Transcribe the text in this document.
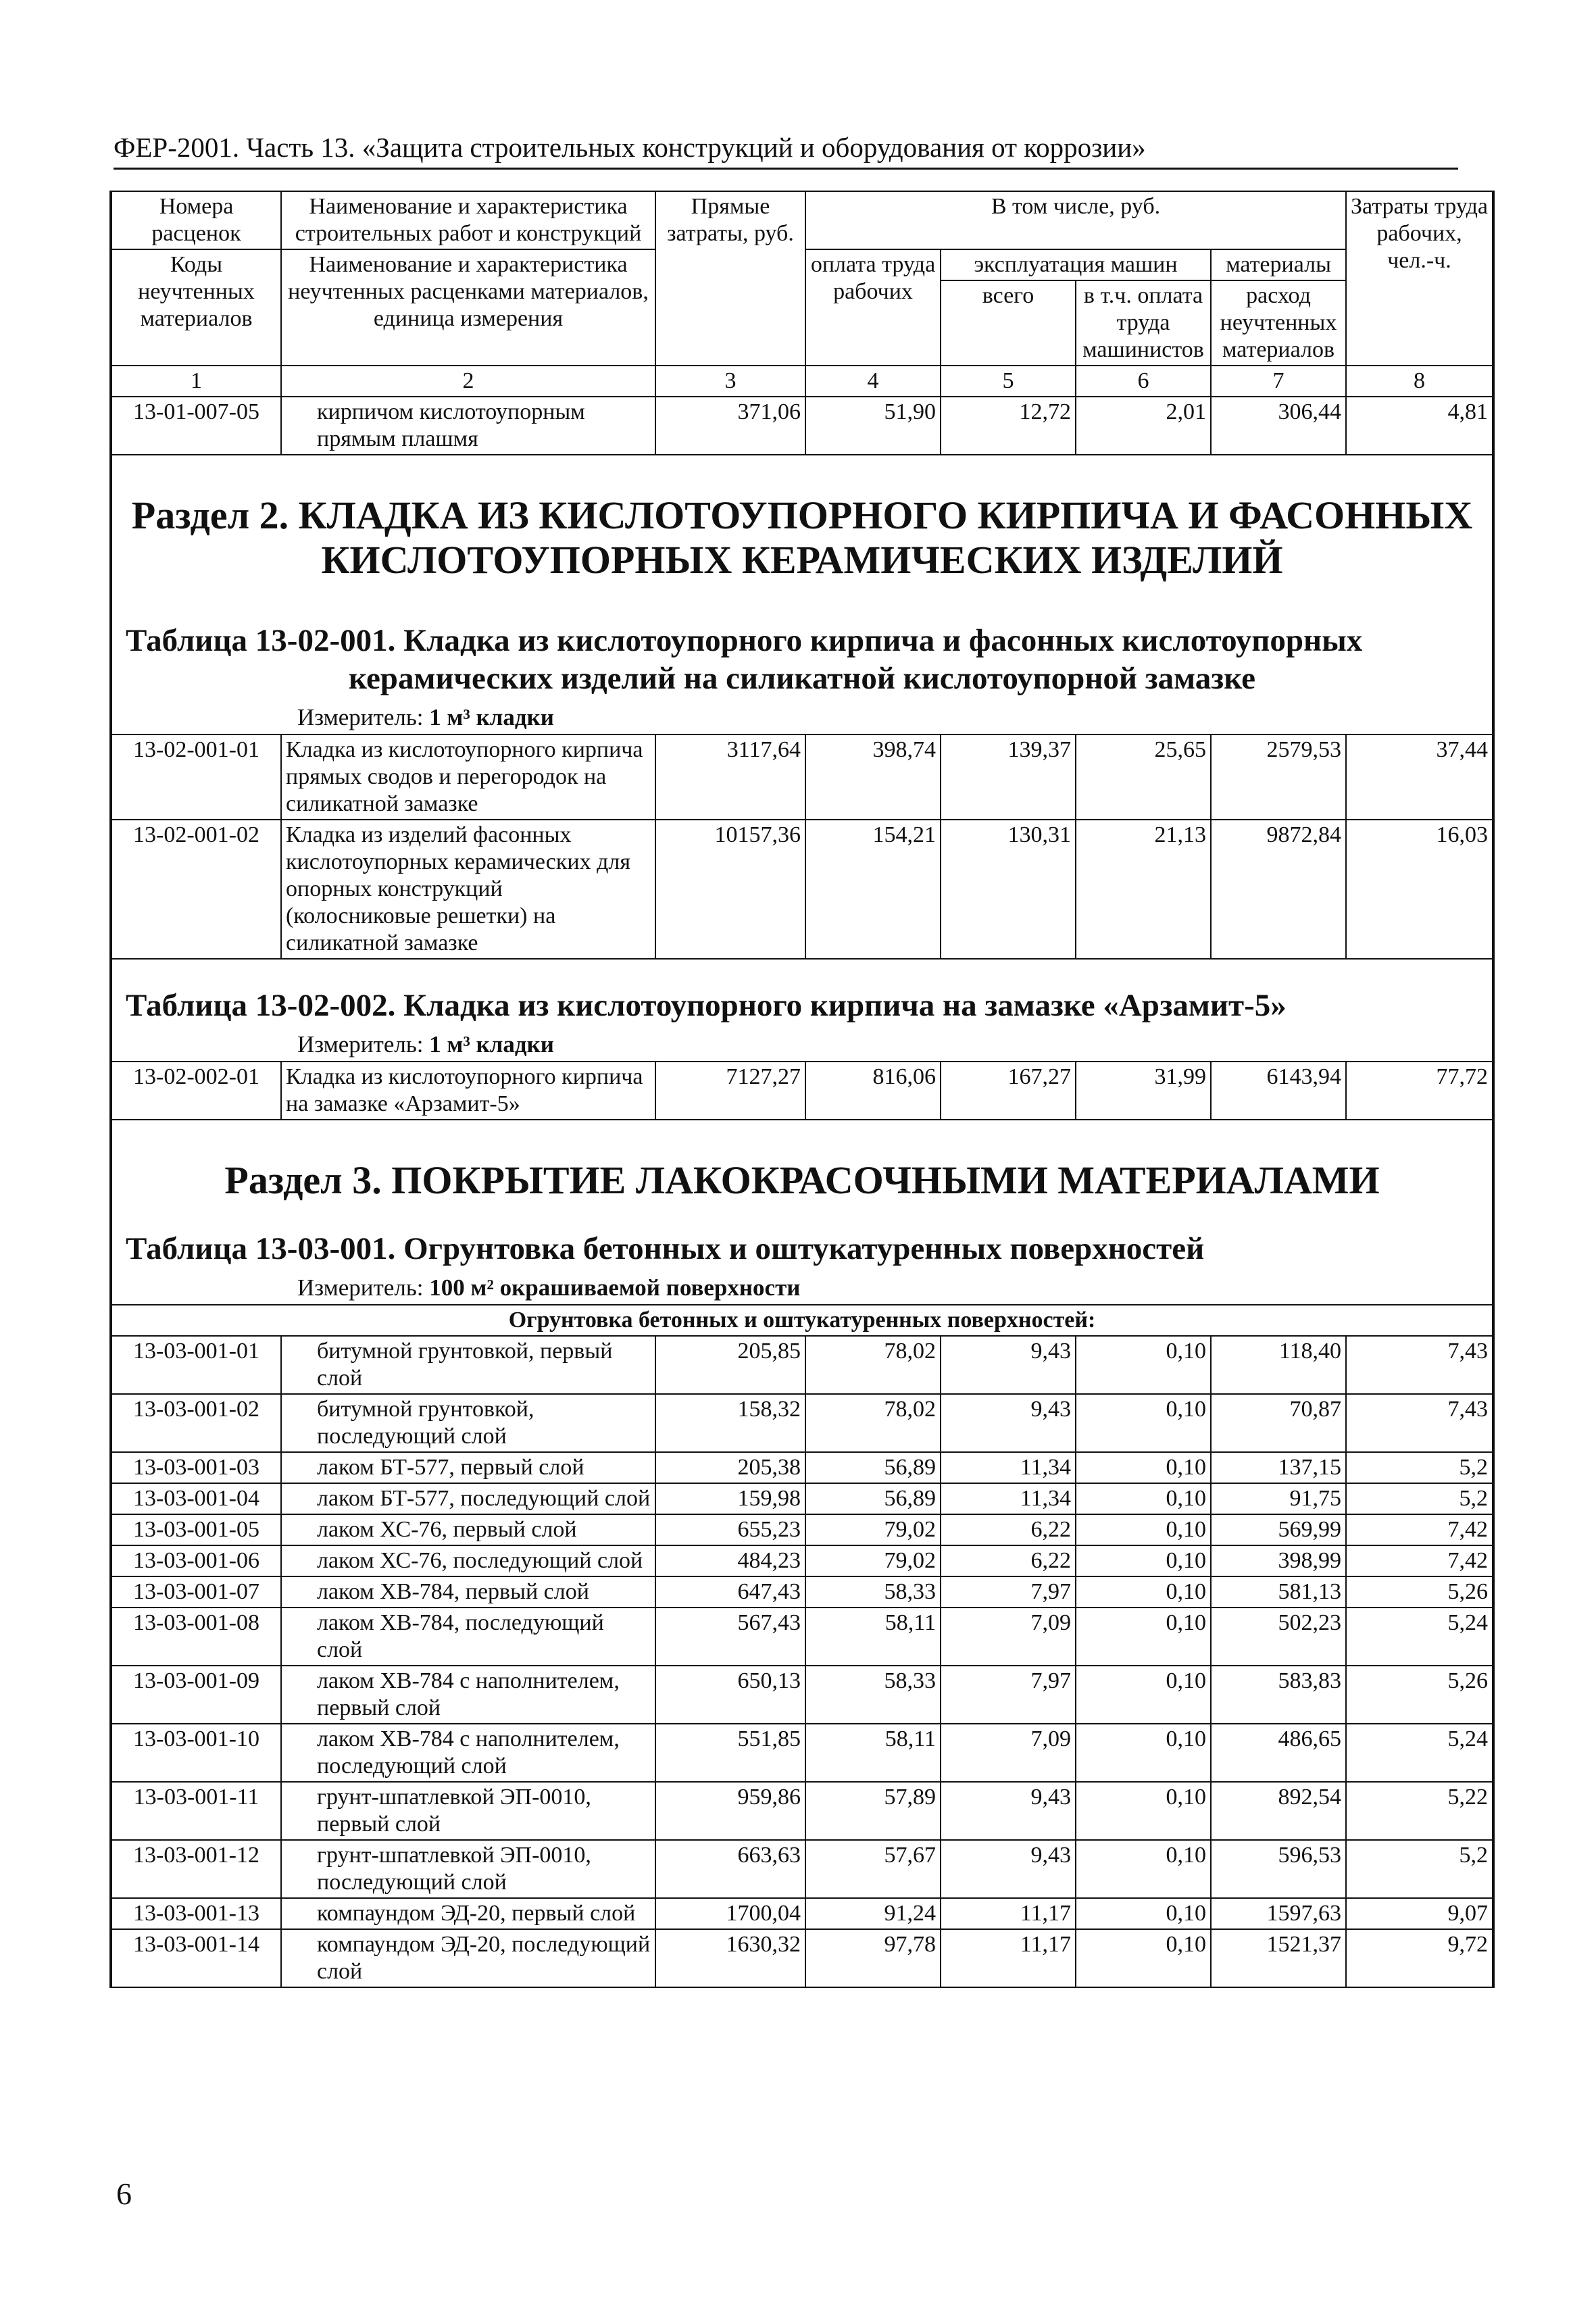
ФЕР-2001. Часть 13. «Защита строительных конструкций и оборудования от коррозии»
Номера расценок	Наименование и характеристика строительных работ и конструкций	Прямые затраты, руб.	В том числе, руб.				Затраты труда рабочих, чел.-ч.
Коды неучтенных материалов	Наименование и характеристика неучтенных расценками материалов, единица измерения		оплата труда рабочих	эксплуатация машин		материалы	
				всего	в т.ч. оплата труда машинистов	расход неучтенных материалов	
1	2	3	4	5	6	7	8
13-01-007-05	кирпичом кислотоупорным прямым плашмя	371,06	51,90	12,72	2,01	306,44	4,81
Раздел 2. КЛАДКА ИЗ КИСЛОТОУПОРНОГО КИРПИЧА И ФАСОННЫХ КИСЛОТОУПОРНЫХ КЕРАМИЧЕСКИХ ИЗДЕЛИЙ
Таблица 13-02-001. Кладка из кислотоупорного кирпича и фасонных кислотоупорных
керамических изделий на силикатной кислотоупорной замазке
Измеритель: 1 м³ кладки
13-02-001-01	Кладка из кислотоупорного кирпича прямых сводов и перегородок на силикатной замазке	3117,64	398,74	139,37	25,65	2579,53	37,44
13-02-001-02	Кладка из изделий фасонных кислотоупорных керамических для опорных конструкций (колосниковые решетки) на силикатной замазке	10157,36	154,21	130,31	21,13	9872,84	16,03
Таблица 13-02-002. Кладка из кислотоупорного кирпича на замазке «Арзамит-5»
Измеритель: 1 м³ кладки
13-02-002-01	Кладка из кислотоупорного кирпича на замазке «Арзамит-5»	7127,27	816,06	167,27	31,99	6143,94	77,72
Раздел 3. ПОКРЫТИЕ ЛАКОКРАСОЧНЫМИ МАТЕРИАЛАМИ
Таблица 13-03-001. Огрунтовка бетонных и оштукатуренных поверхностей
Измеритель: 100 м² окрашиваемой поверхности
Огрунтовка бетонных и оштукатуренных поверхностей:							
13-03-001-01	битумной грунтовкой, первый слой	205,85	78,02	9,43	0,10	118,40	7,43
13-03-001-02	битумной грунтовкой, последующий слой	158,32	78,02	9,43	0,10	70,87	7,43
13-03-001-03	лаком БТ-577, первый слой	205,38	56,89	11,34	0,10	137,15	5,2
13-03-001-04	лаком БТ-577, последующий слой	159,98	56,89	11,34	0,10	91,75	5,2
13-03-001-05	лаком ХС-76, первый слой	655,23	79,02	6,22	0,10	569,99	7,42
13-03-001-06	лаком ХС-76, последующий слой	484,23	79,02	6,22	0,10	398,99	7,42
13-03-001-07	лаком ХВ-784, первый слой	647,43	58,33	7,97	0,10	581,13	5,26
13-03-001-08	лаком ХВ-784, последующий слой	567,43	58,11	7,09	0,10	502,23	5,24
13-03-001-09	лаком ХВ-784 с наполнителем, первый слой	650,13	58,33	7,97	0,10	583,83	5,26
13-03-001-10	лаком ХВ-784 с наполнителем, последующий слой	551,85	58,11	7,09	0,10	486,65	5,24
13-03-001-11	грунт-шпатлевкой ЭП-0010, первый слой	959,86	57,89	9,43	0,10	892,54	5,22
13-03-001-12	грунт-шпатлевкой ЭП-0010, последующий слой	663,63	57,67	9,43	0,10	596,53	5,2
13-03-001-13	компаундом ЭД-20, первый слой	1700,04	91,24	11,17	0,10	1597,63	9,07
13-03-001-14	компаундом ЭД-20, последующий слой	1630,32	97,78	11,17	0,10	1521,37	9,72
6
